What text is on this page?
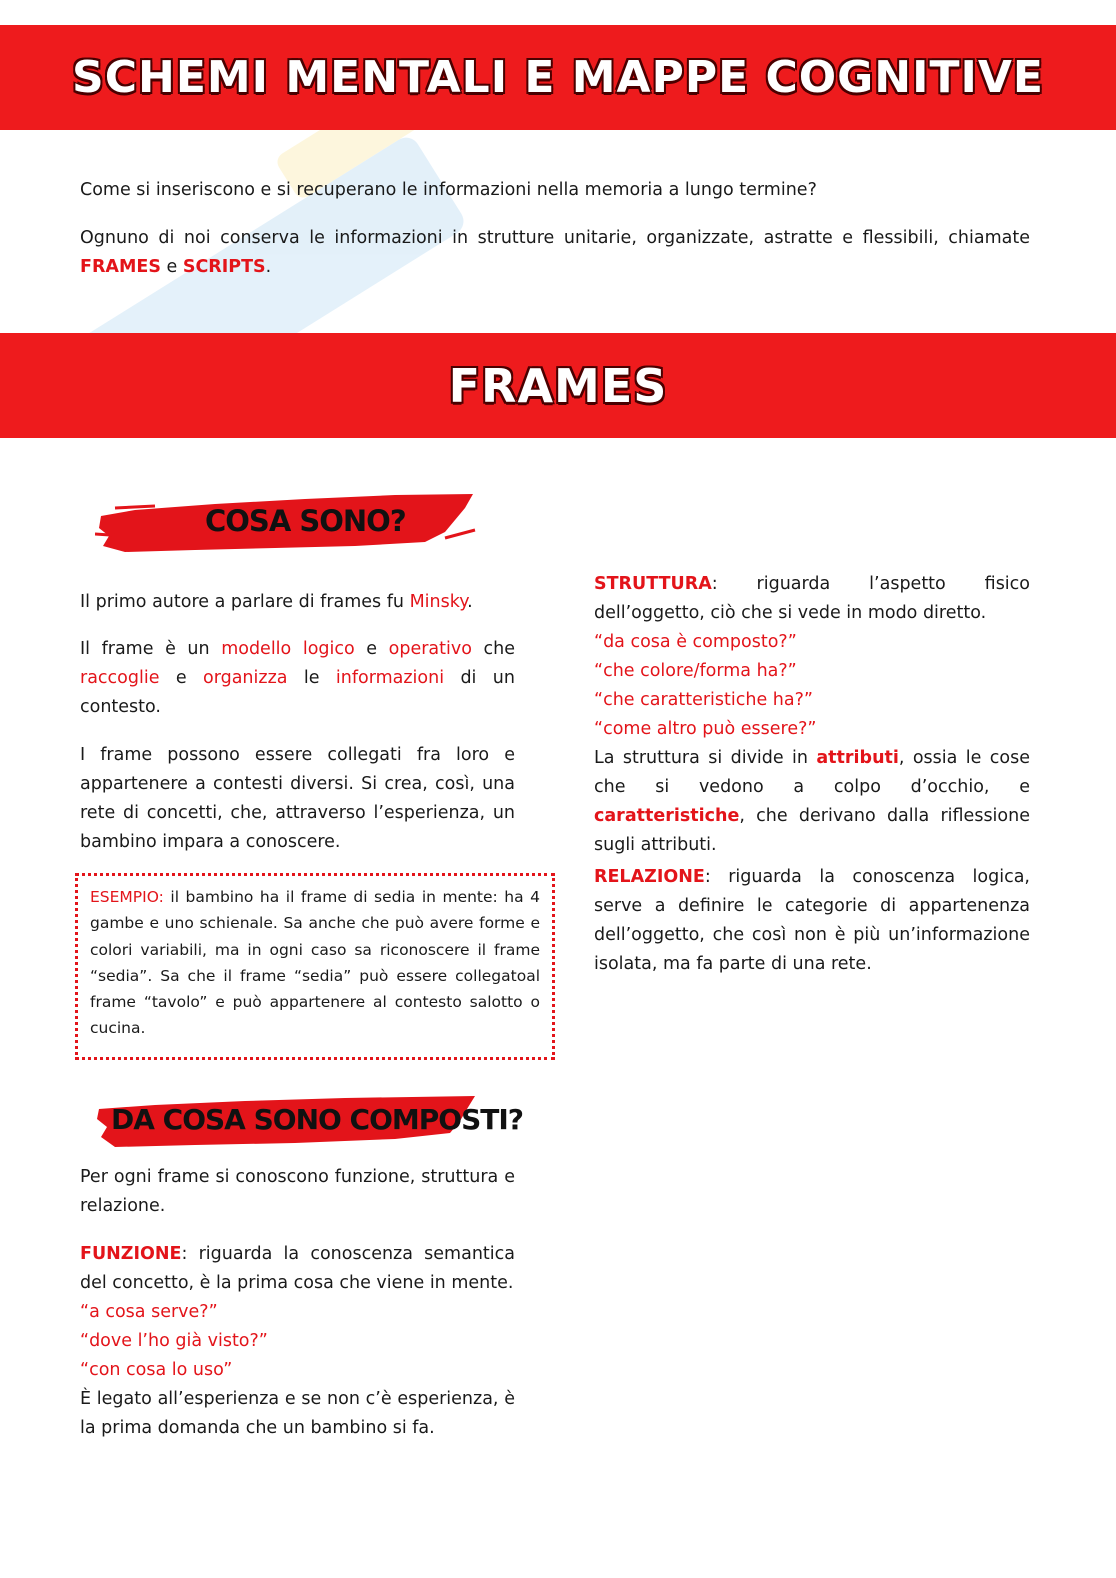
SCHEMI MENTALI E MAPPE COGNITIVE
Come si inseriscono e si recuperano le informazioni nella memoria a lungo termine?
Ognuno di noi conserva le informazioni in strutture unitarie, organizzate, astratte e flessibili, chiamate FRAMES e SCRIPTS.
FRAMES
COSA SONO?
Il primo autore a parlare di frames fu Minsky.
Il frame è un modello logico e operativo che raccoglie e organizza le informazioni di un contesto.
I frame possono essere collegati fra loro e appartenere a contesti diversi. Si crea, così, una rete di concetti, che, attraverso l’esperienza, un bambino impara a conoscere.
ESEMPIO: il bambino ha il frame di sedia in mente: ha 4 gambe e uno schienale. Sa anche che può avere forme e colori variabili, ma in ogni caso sa riconoscere il frame “sedia”. Sa che il frame “sedia” può essere collegatoal frame “tavolo” e può appartenere al contesto salotto o cucina.
DA COSA SONO COMPOSTI?
Per ogni frame si conoscono funzione, struttura e relazione.
FUNZIONE: riguarda la conoscenza semantica del concetto, è la prima cosa che viene in mente.
“a cosa serve?”
“dove l’ho già visto?”
“con cosa lo uso”
È legato all’esperienza e se non c’è esperienza, è la prima domanda che un bambino si fa.
STRUTTURA: riguarda l’aspetto fisico dell’oggetto, ciò che si vede in modo diretto.
“da cosa è composto?”
“che colore/forma ha?”
“che caratteristiche ha?”
“come altro può essere?”
La struttura si divide in attributi, ossia le cose che si vedono a colpo d’occhio, e caratteristiche, che derivano dalla riflessione sugli attributi.
RELAZIONE: riguarda la conoscenza logica, serve a definire le categorie di appartenenza dell’oggetto, che così non è più un’informazione isolata, ma fa parte di una rete.
